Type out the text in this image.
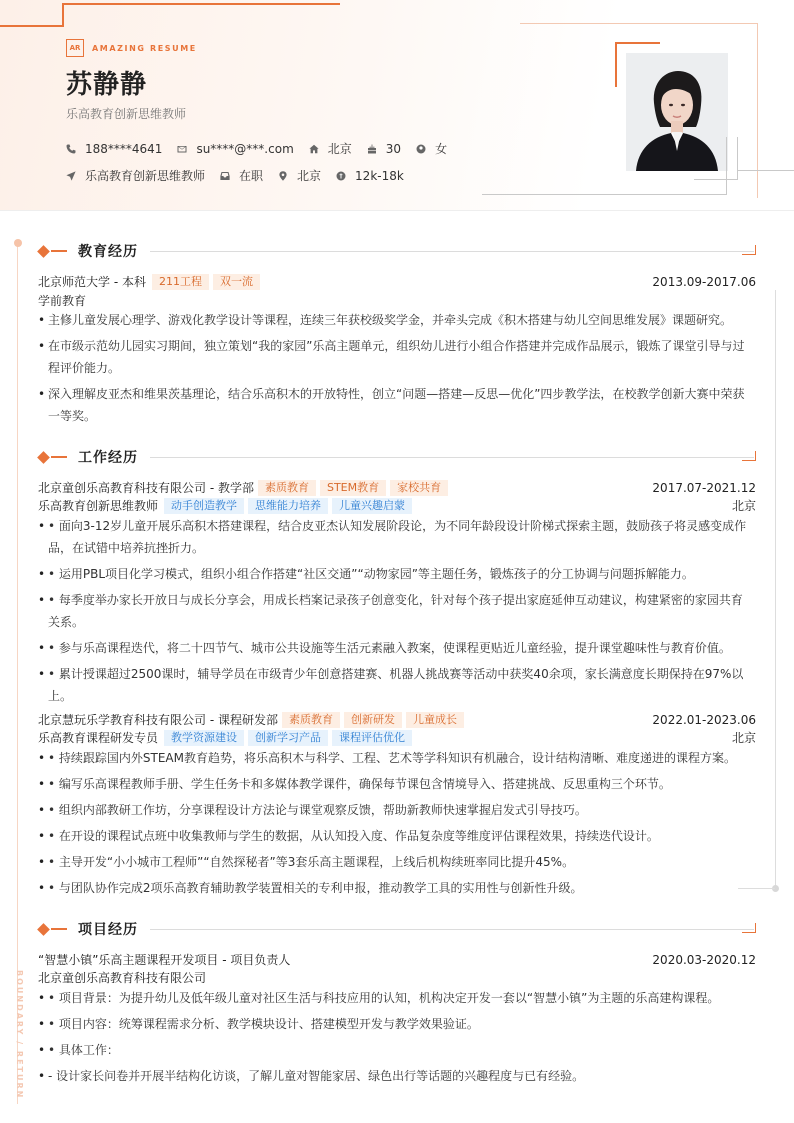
AR	AMAZING RESUME
苏静静
乐高教育创新思维教师
188****4641	su****@***.com	北京	30	女
乐高教育创新思维教师	在职	北京	12k-18k
BOUNDARY / RETURN
教育经历
北京师范大学 - 本科	211工程	双一流	2013.09-2017.06
学前教育
• 主修儿童发展心理学、游戏化教学设计等课程，连续三年获校级奖学金，并牵头完成《积木搭建与幼儿空间思维发展》课题研究。
• 在市级示范幼儿园实习期间，独立策划“我的家园”乐高主题单元，组织幼儿进行小组合作搭建并完成作品展示，锻炼了课堂引导与过程评价能力。
• 深入理解皮亚杰和维果茨基理论，结合乐高积木的开放特性，创立“问题—搭建—反思—优化”四步教学法，在校教学创新大赛中荣获一等奖。
工作经历
北京童创乐高教育科技有限公司 - 教学部	素质教育	STEM教育	家校共育	2017.07-2021.12
乐高教育创新思维教师	动手创造教学	思维能力培养	儿童兴趣启蒙	北京
• • 面向3-12岁儿童开展乐高积木搭建课程，结合皮亚杰认知发展阶段论，为不同年龄段设计阶梯式探索主题，鼓励孩子将灵感变成作品，在试错中培养抗挫折力。
• • 运用PBL项目化学习模式，组织小组合作搭建“社区交通”“动物家园”等主题任务，锻炼孩子的分工协调与问题拆解能力。
• • 每季度举办家长开放日与成长分享会，用成长档案记录孩子创意变化，针对每个孩子提出家庭延伸互动建议，构建紧密的家园共育关系。
• • 参与乐高课程迭代，将二十四节气、城市公共设施等生活元素融入教案，使课程更贴近儿童经验，提升课堂趣味性与教育价值。
• • 累计授课超过2500课时，辅导学员在市级青少年创意搭建赛、机器人挑战赛等活动中获奖40余项，家长满意度长期保持在97%以上。
北京慧玩乐学教育科技有限公司 - 课程研发部	素质教育	创新研发	儿童成长	2022.01-2023.06
乐高教育课程研发专员	教学资源建设	创新学习产品	课程评估优化	北京
• • 持续跟踪国内外STEAM教育趋势，将乐高积木与科学、工程、艺术等学科知识有机融合，设计结构清晰、难度递进的课程方案。
• • 编写乐高课程教师手册、学生任务卡和多媒体教学课件，确保每节课包含情境导入、搭建挑战、反思重构三个环节。
• • 组织内部教研工作坊，分享课程设计方法论与课堂观察反馈，帮助新教师快速掌握启发式引导技巧。
• • 在开设的课程试点班中收集教师与学生的数据，从认知投入度、作品复杂度等维度评估课程效果，持续迭代设计。
• • 主导开发“小小城市工程师”“自然探秘者”等3套乐高主题课程，上线后机构续班率同比提升45%。
• • 与团队协作完成2项乐高教育辅助教学装置相关的专利申报，推动教学工具的实用性与创新性升级。
项目经历
“智慧小镇”乐高主题课程开发项目 - 项目负责人	2020.03-2020.12
北京童创乐高教育科技有限公司
• • 项目背景：为提升幼儿及低年级儿童对社区生活与科技应用的认知，机构决定开发一套以“智慧小镇”为主题的乐高建构课程。
• • 项目内容：统筹课程需求分析、教学模块设计、搭建模型开发与教学效果验证。
• • 具体工作：
• - 设计家长问卷并开展半结构化访谈，了解儿童对智能家居、绿色出行等话题的兴趣程度与已有经验。
